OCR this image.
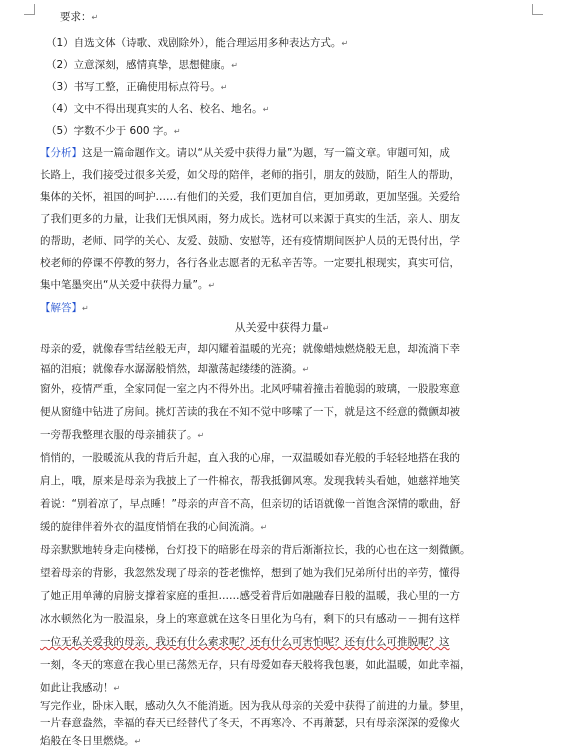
要求：↵
（1）自选文体（诗歌、戏剧除外），能合理运用多种表达方式。↵
（2）立意深刻，感情真挚，思想健康。↵
（3）书写工整，正确使用标点符号。↵
（4）文中不得出现真实的人名、校名、地名。↵
（5）字数不少于 600 字。↵
【分析】这是一篇命题作文。请以“从关爱中获得力量”为题，写一篇文章。审题可知，成
长路上，我们接受过很多关爱，如父母的陪伴，老师的指引，朋友的鼓励，陌生人的帮助，
集体的关怀，祖国的呵护……有他们的关爱，我们更加自信，更加勇敢，更加坚强。关爱给
了我们更多的力量，让我们无惧风雨，努力成长。选材可以来源于真实的生活，亲人、朋友
的帮助，老师、同学的关心、友爱、鼓励、安慰等，还有疫情期间医护人员的无畏付出，学
校老师的停课不停教的努力，各行各业志愿者的无私辛苦等。一定要扎根现实，真实可信，
集中笔墨突出“从关爱中获得力量”。↵
【解答】↵
从关爱中获得力量↵
母亲的爱，就像春雪结丝般无声，却闪耀着温暖的光亮；就像蜡烛燃烧般无息，却流淌下幸
福的泪痕；就像春水潺潺般悄然，却激荡起缕缕的涟漪。↵
窗外，疫情严重，全家同促一室之内不得外出。北风呼啸着撞击着脆弱的玻璃，一股股寒意
便从窗缝中钻进了房间。挑灯苦读的我在不知不觉中哆嗦了一下，就是这不经意的微颤却被
一旁帮我整理衣服的母亲捕获了。↵
悄悄的，一股暖流从我的背后升起，直入我的心扉，一双温暖如春光般的手轻轻地搭在我的
肩上，哦，原来是母亲为我披上了一件棉衣，帮我抵御风寒。发现我转头看她，她慈祥地笑
着说：“别着凉了，早点睡！”母亲的声音不高，但亲切的话语就像一首饱含深情的歌曲，舒
缓的旋律伴着外衣的温度悄悄在我的心间流淌。↵
母亲默默地转身走向楼梯，台灯投下的暗影在母亲的背后渐渐拉长，我的心也在这一刻微颤。
望着母亲的背影，我忽然发现了母亲的苍老憔悴，想到了她为我们兄弟所付出的辛劳，懂得
了她正用单薄的肩膀支撑着家庭的重担……感受着背后如融融春日般的温暖，我心里的一方
冰水顿然化为一股温泉，身上的寒意就在这冬日里化为乌有，剩下的只有感动－－拥有这样
一位无私关爱我的母亲，我还有什么索求呢？还有什么可害怕呢？还有什么可推脱呢？这
一刻，冬天的寒意在我心里已荡然无存，只有母爱如春天般将我包裹，如此温暖，如此幸福，
如此让我感动！↵
写完作业，卧床入眠，感动久久不能消逝。因为我从母亲的关爱中获得了前进的力量。梦里，
一片春意盎然，幸福的春天已经替代了冬天，不再寒冷、不再萧瑟，只有母亲深深的爱像火
焰般在冬日里燃烧。↵
